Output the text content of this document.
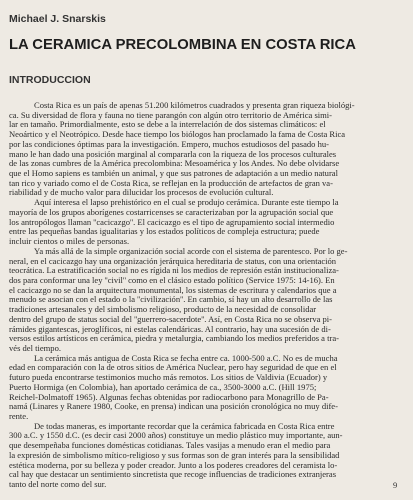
Michael J. Snarskis
LA CERAMICA PRECOLOMBINA EN COSTA RICA
INTRODUCCION
Costa Rica es un país de apenas 51.200 kilómetros cuadrados y presenta gran riqueza biológi-
ca. Su diversidad de flora y fauna no tiene parangón con algún otro territorio de América simi-
lar en tamaño. Primordialmente, esto se debe a la interrelación de dos sistemas climáticos: el
Neoártico y el Neotrópico. Desde hace tiempo los biólogos han proclamado la fama de Costa Rica
por las condiciones óptimas para la investigación. Empero, muchos estudiosos del pasado hu-
mano le han dado una posición marginal al compararla con la riqueza de los procesos culturales
de las zonas cumbres de la América precolombina: Mesoamérica y los Andes. No debe olvidarse
que el Homo sapiens es también un animal, y que sus patrones de adaptación a un medio natural
tan rico y variado como el de Costa Rica, se reflejan en la producción de artefactos de gran va-
riabilidad y de mucho valor para dilucidar los procesos de evolución cultural.
Aquí interesa el lapso prehistórico en el cual se produjo cerámica. Durante este tiempo la
mayoría de los grupos aborígenes costarricenses se caracterizaban por la agrupación social que
los antropólogos llaman ''cacicazgo''. El cacicazgo es el tipo de agrupamiento social intermedio
entre las pequeñas bandas igualitarias y los estados políticos de compleja estructura; puede
incluir cientos o miles de personas.
Ya más allá de la simple organización social acorde con el sistema de parentesco. Por lo ge-
neral, en el cacicazgo hay una organización jerárquica hereditaria de status, con una orientación
teocrática. La estratificación social no es rígida ni los medios de represión están institucionaliza-
dos para conformar una ley ''civil'' como en el clásico estado político (Service 1975: 14-16). En
el cacicazgo no se dan la arquitectura monumental, los sistemas de escritura y calendarios que a
menudo se asocian con el estado o la ''civilización''. En cambio, sí hay un alto desarrollo de las
tradiciones artesanales y del simbolismo religioso, producto de la necesidad de consolidar
dentro del grupo de status social del ''guerrero-sacerdote''. Así, en Costa Rica no se observa pi-
rámides gigantescas, jeroglíficos, ni estelas calendáricas. Al contrario, hay una sucesión de di-
versos estilos artísticos en cerámica, piedra y metalurgia, cambiando los medios preferidos a tra-
vés del tiempo.
La cerámica más antigua de Costa Rica se fecha entre ca. 1000-500 a.C. No es de mucha
edad en comparación con la de otros sitios de América Nuclear, pero hay seguridad de que en el
futuro pueda encontrarse testimonios mucho más remotos. Los sitios de Valdivia (Ecuador) y
Puerto Hormiga (en Colombia), han aportado cerámica de ca., 3500-3000 a.C. (Hill 1975;
Reichel-Dolmatoff 1965). Algunas fechas obtenidas por radiocarbono para Monagrillo de Pa-
namá (Linares y Ranere 1980, Cooke, en prensa) indican una posición cronológica no muy dife-
rente.
De todas maneras, es importante recordar que la cerámica fabricada en Costa Rica entre
300 a.C. y 1550 d.C. (es decir casi 2000 años) constituye un medio plástico muy importante, aun-
que desempeñaba funciones domésticas cotidianas. Tales vasijas a menudo eran el medio para
la expresión de simbolismo mítico-religioso y sus formas son de gran interés para la sensibilidad
estética moderna, por su belleza y poder creador. Junto a los poderes creadores del ceramista lo-
cal hay que destacar un sentimiento sincretista que recoge influencias de tradiciones extranjeras
tanto del norte como del sur.	9
